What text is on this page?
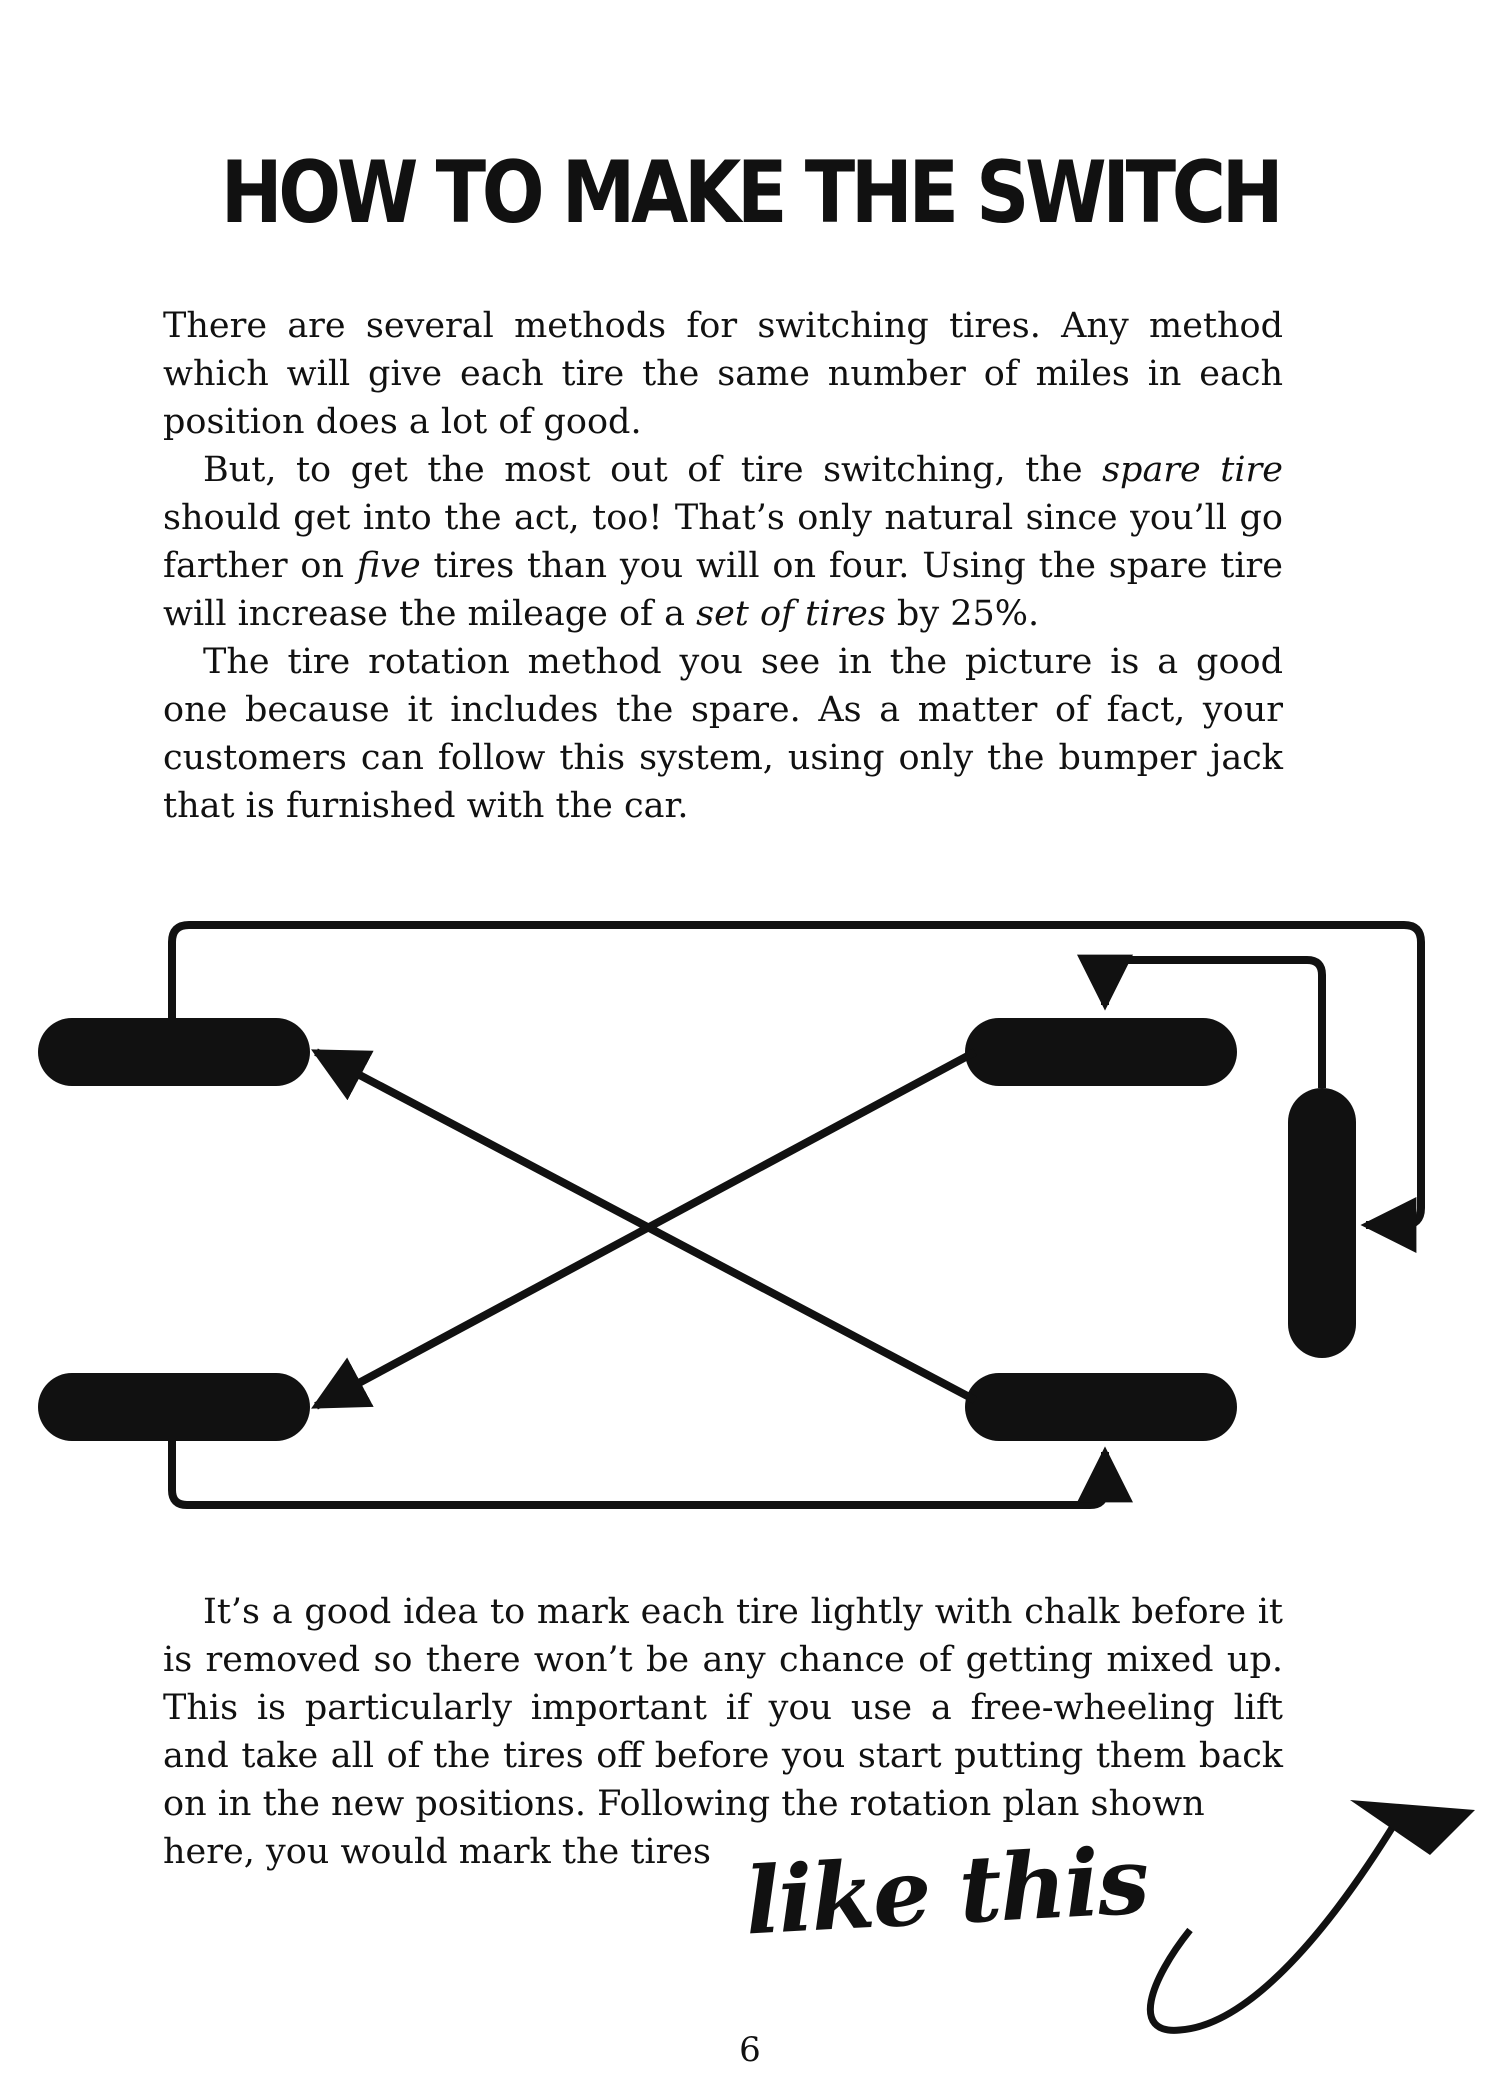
HOW TO MAKE THE SWITCH

There are several methods for switching tires. Any method which will give each tire the same number of miles in each position does a lot of good.

But, to get the most out of tire switching, the spare tire should get into the act, too! That’s only natural since you’ll go farther on five tires than you will on four. Using the spare tire will increase the mileage of a set of tires by 25%.

The tire rotation method you see in the picture is a good one because it includes the spare. As a matter of fact, your customers can follow this system, using only the bumper jack that is furnished with the car.

It’s a good idea to mark each tire lightly with chalk before it is removed so there won’t be any chance of getting mixed up. This is particularly important if you use a free-wheeling lift and take all of the tires off before you start putting them back on in the new positions. Following the rotation plan shown

here, you would mark the tires like this
6
